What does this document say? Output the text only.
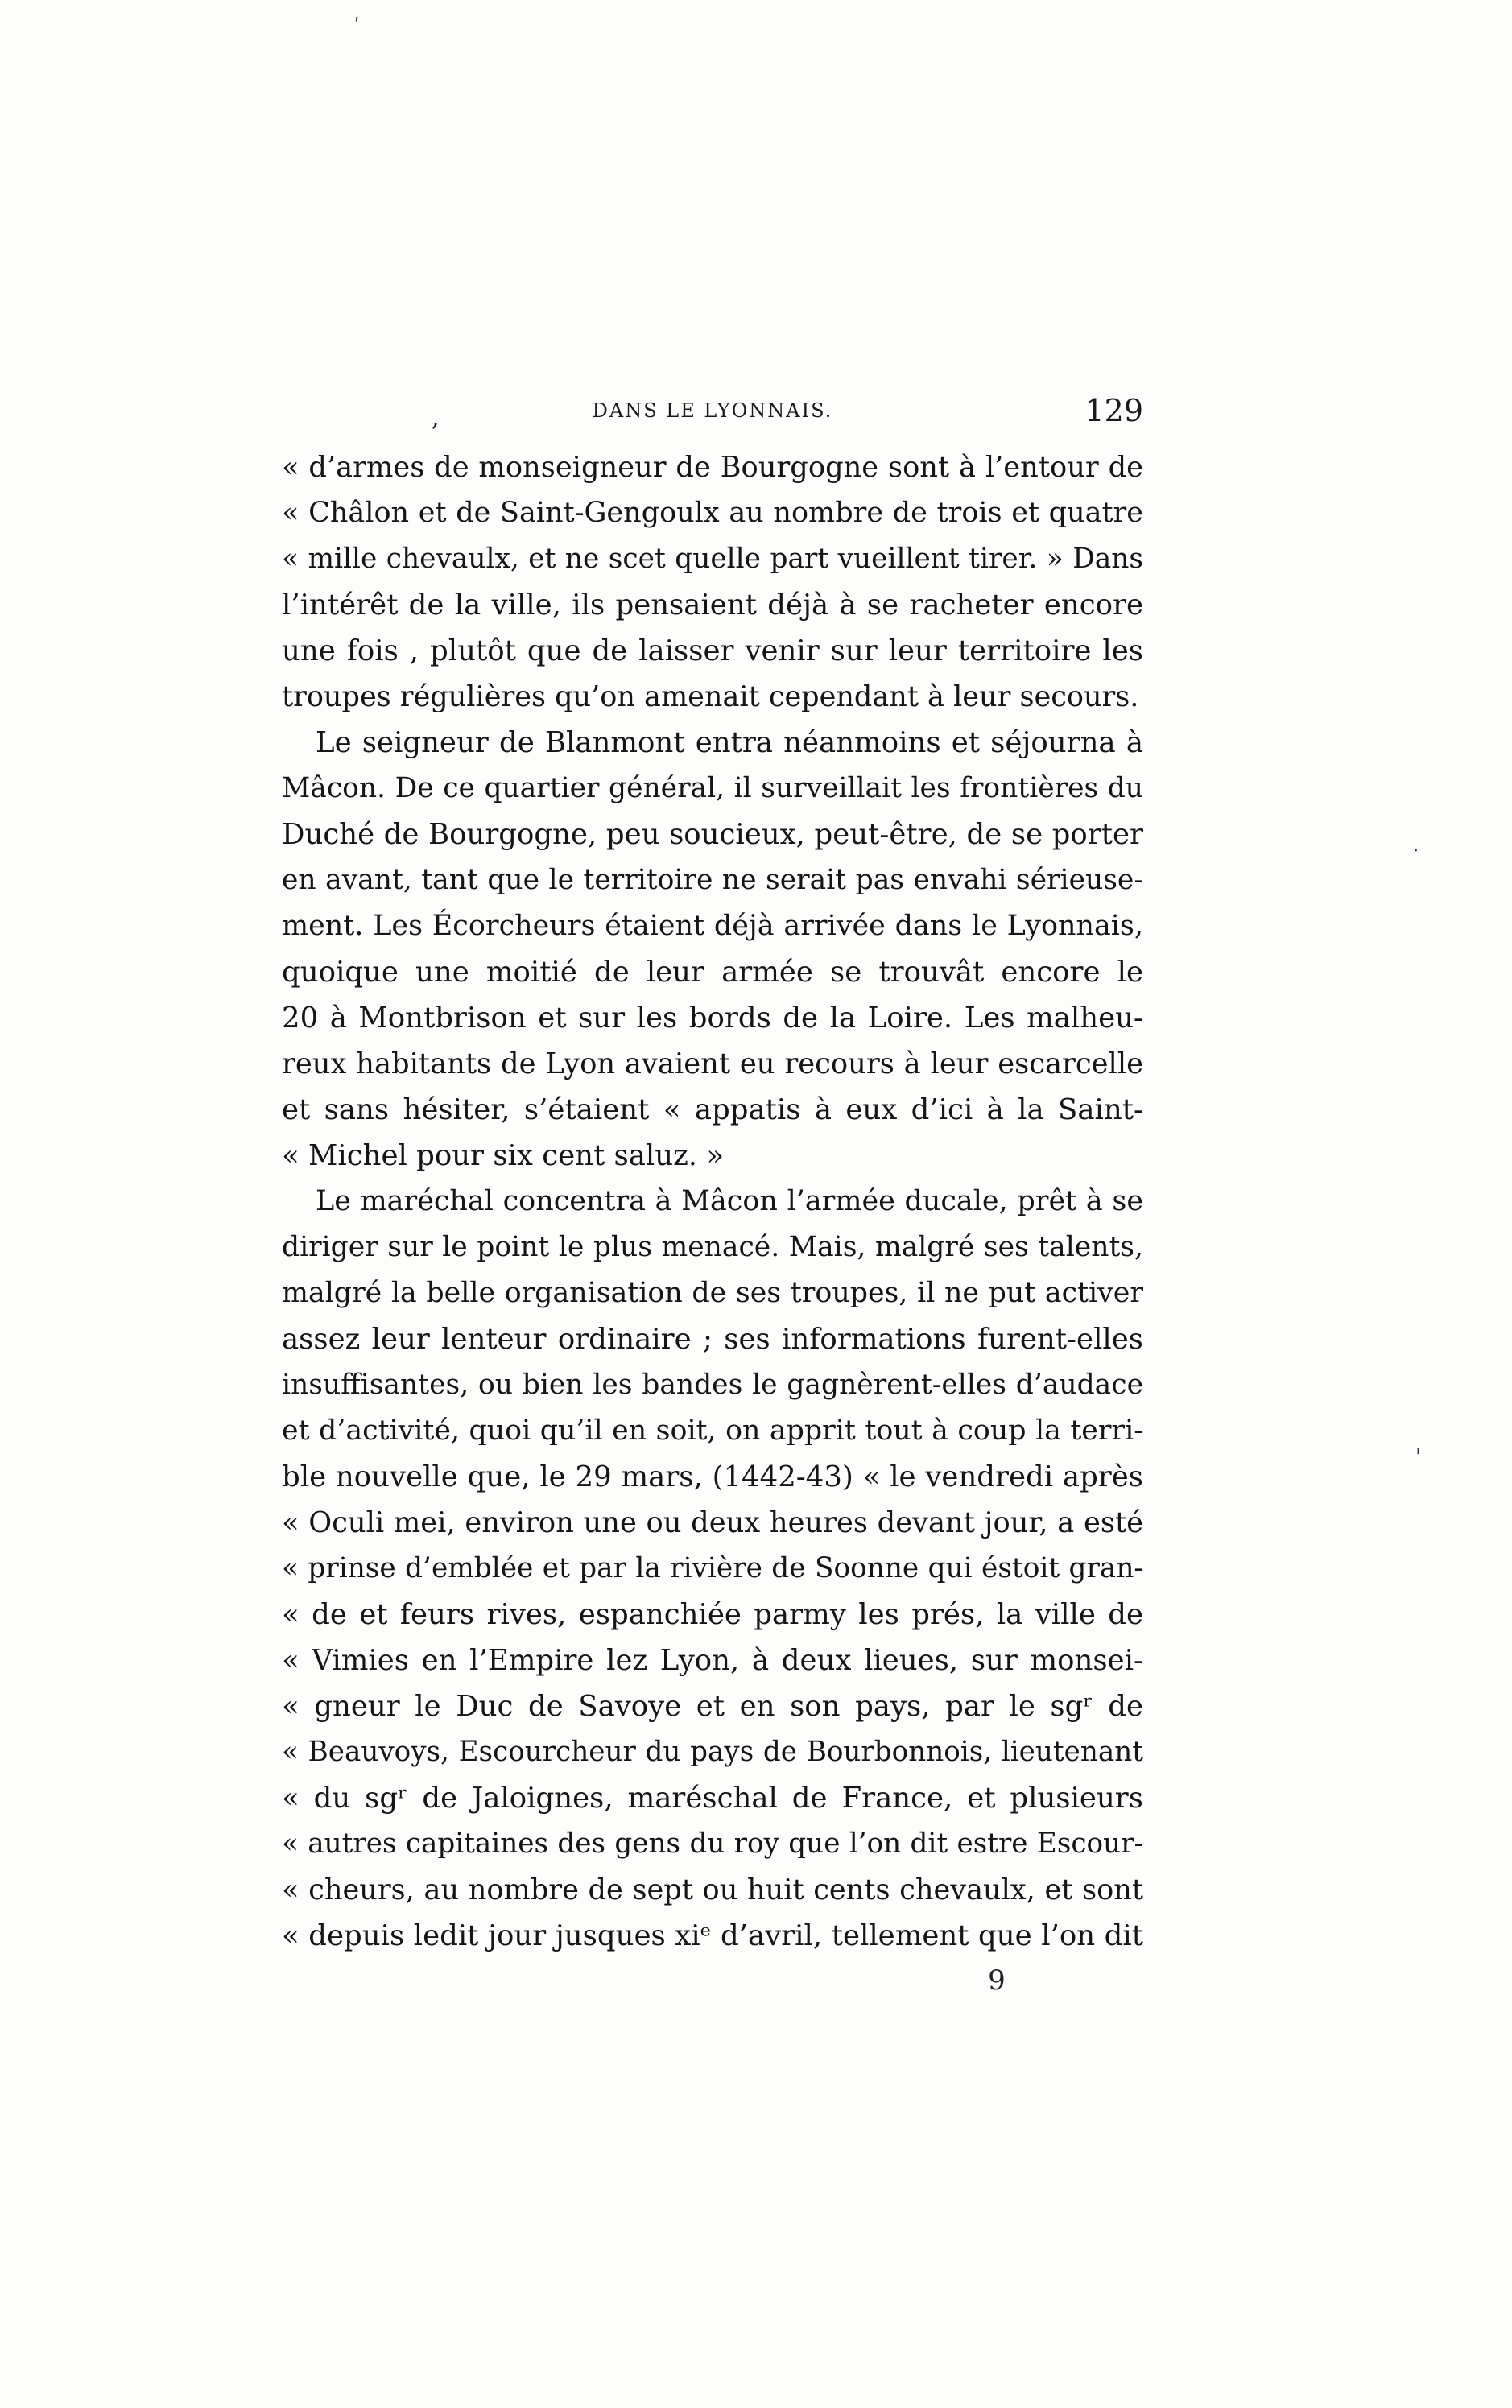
ʹ
,	DANS LE LYONNAIS.	129
« d’armes de monseigneur de Bourgogne sont à l’entour de
« Châlon et de Saint-Gengoulx au nombre de trois et quatre
« mille chevaulx, et ne scet quelle part vueillent tirer. » Dans
l’intérêt de la ville, ils pensaient déjà à se racheter encore
une fois , plutôt que de laisser venir sur leur territoire les
troupes régulières qu’on amenait cependant à leur secours.
Le seigneur de Blanmont entra néanmoins et séjourna à
Mâcon. De ce quartier général, il surveillait les frontières du
Duché de Bourgogne, peu soucieux, peut-être, de se porter
en avant, tant que le territoire ne serait pas envahi sérieuse-
ment. Les Écorcheurs étaient déjà arrivée dans le Lyonnais,
quoique une moitié de leur armée se trouvât encore le
20 à Montbrison et sur les bords de la Loire. Les malheu-
reux habitants de Lyon avaient eu recours à leur escarcelle
et sans hésiter, s’étaient « appatis à eux d’ici à la Saint-
« Michel pour six cent saluz. »
Le maréchal concentra à Mâcon l’armée ducale, prêt à se
diriger sur le point le plus menacé. Mais, malgré ses talents,
malgré la belle organisation de ses troupes, il ne put activer
assez leur lenteur ordinaire ; ses informations furent-elles
insuffisantes, ou bien les bandes le gagnèrent-elles d’audace
et d’activité, quoi qu’il en soit, on apprit tout à coup la terri-
ble nouvelle que, le 29 mars, (1442-43) « le vendredi après
« Oculi mei, environ une ou deux heures devant jour, a esté
« prinse d’emblée et par la rivière de Soonne qui éstoit gran-
« de et feurs rives, espanchiée parmy les prés, la ville de
« Vimies en l’Empire lez Lyon, à deux lieues, sur monsei-
« gneur le Duc de Savoye et en son pays, par le sgʳ de
« Beauvoys, Escourcheur du pays de Bourbonnois, lieutenant
« du sgʳ de Jaloignes, maréschal de France, et plusieurs
« autres capitaines des gens du roy que l’on dit estre Escour-
« cheurs, au nombre de sept ou huit cents chevaulx, et sont
« depuis ledit jour jusques xiᵉ d’avril, tellement que l’on dit
9
'
·
